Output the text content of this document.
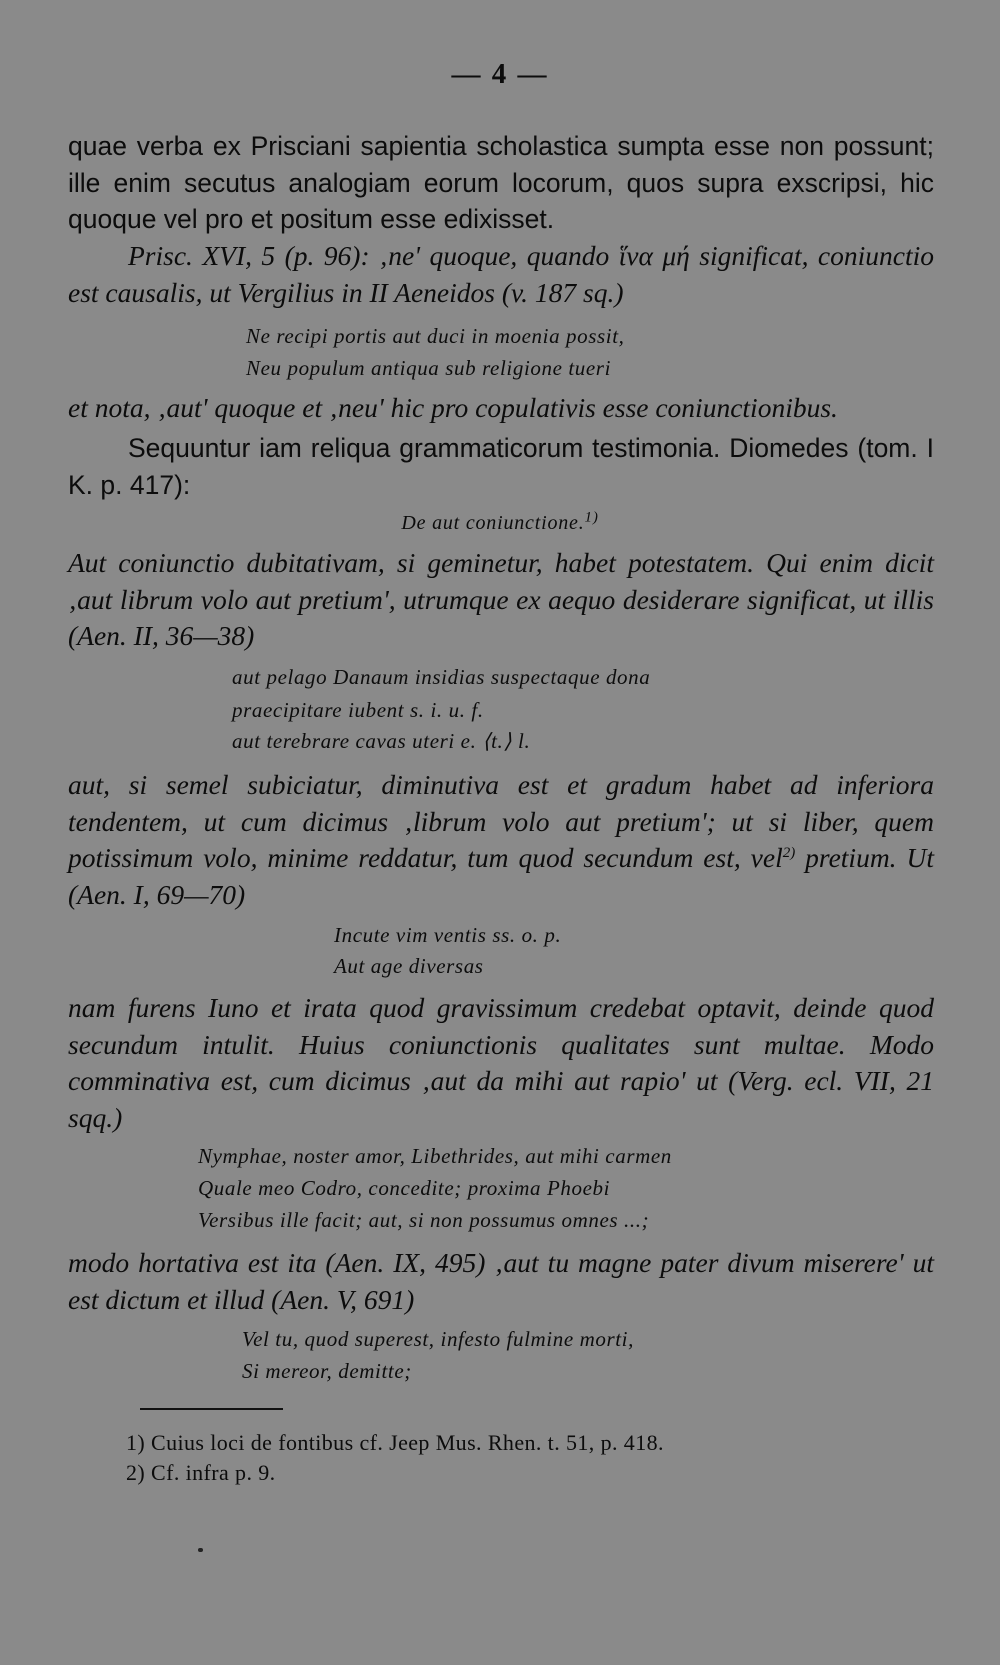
— 4 —
quae verba ex Prisciani sapientia scholastica sumpta esse non possunt; ille enim secutus analogiam eorum locorum, quos supra exscripsi, hic quoque vel pro et positum esse edixisset.
Prisc. XVI, 5 (p. 96): ‚ne' quoque, quando ἵνα μή significat, coniunctio est causalis, ut Vergilius in II Aeneidos (v. 187 sq.)
Ne recipi portis aut duci in moenia possit,
Neu populum antiqua sub religione tueri
et nota, ‚aut' quoque et ‚neu' hic pro copulativis esse coniunctionibus.
Sequuntur iam reliqua grammaticorum testimonia. Diomedes (tom. I K. p. 417):
De aut coniunctione.$^{1)}$
Aut coniunctio dubitativam, si geminetur, habet potestatem. Qui enim dicit ‚aut librum volo aut pretium', utrumque ex aequo desiderare significat, ut illis (Aen. II, 36—38)
aut pelago Danaum insidias suspectaque dona
praecipitare iubent s. i. u. f.
aut terebrare cavas uteri e. ⟨t.⟩ l.
aut, si semel subiciatur, diminutiva est et gradum habet ad inferiora tendentem, ut cum dicimus ‚librum volo aut pretium'; ut si liber, quem potissimum volo, minime reddatur, tum quod secundum est, vel$^{2)}$ pretium. Ut (Aen. I, 69—70)
Incute vim ventis ss. o. p.
Aut age diversas
nam furens Iuno et irata quod gravissimum credebat optavit, deinde quod secundum intulit. Huius coniunctionis qualitates sunt multae. Modo comminativa est, cum dicimus ‚aut da mihi aut rapio' ut (Verg. ecl. VII, 21 sqq.)
Nymphae, noster amor, Libethrides, aut mihi carmen
Quale meo Codro, concedite; proxima Phoebi
Versibus ille facit; aut, si non possumus omnes ...;
modo hortativa est ita (Aen. IX, 495) ‚aut tu magne pater divum miserere' ut est dictum et illud (Aen. V, 691)
Vel tu, quod superest, infesto fulmine morti,
Si mereor, demitte;
1) Cuius loci de fontibus cf. Jeep Mus. Rhen. t. 51, p. 418.
2) Cf. infra p. 9.
